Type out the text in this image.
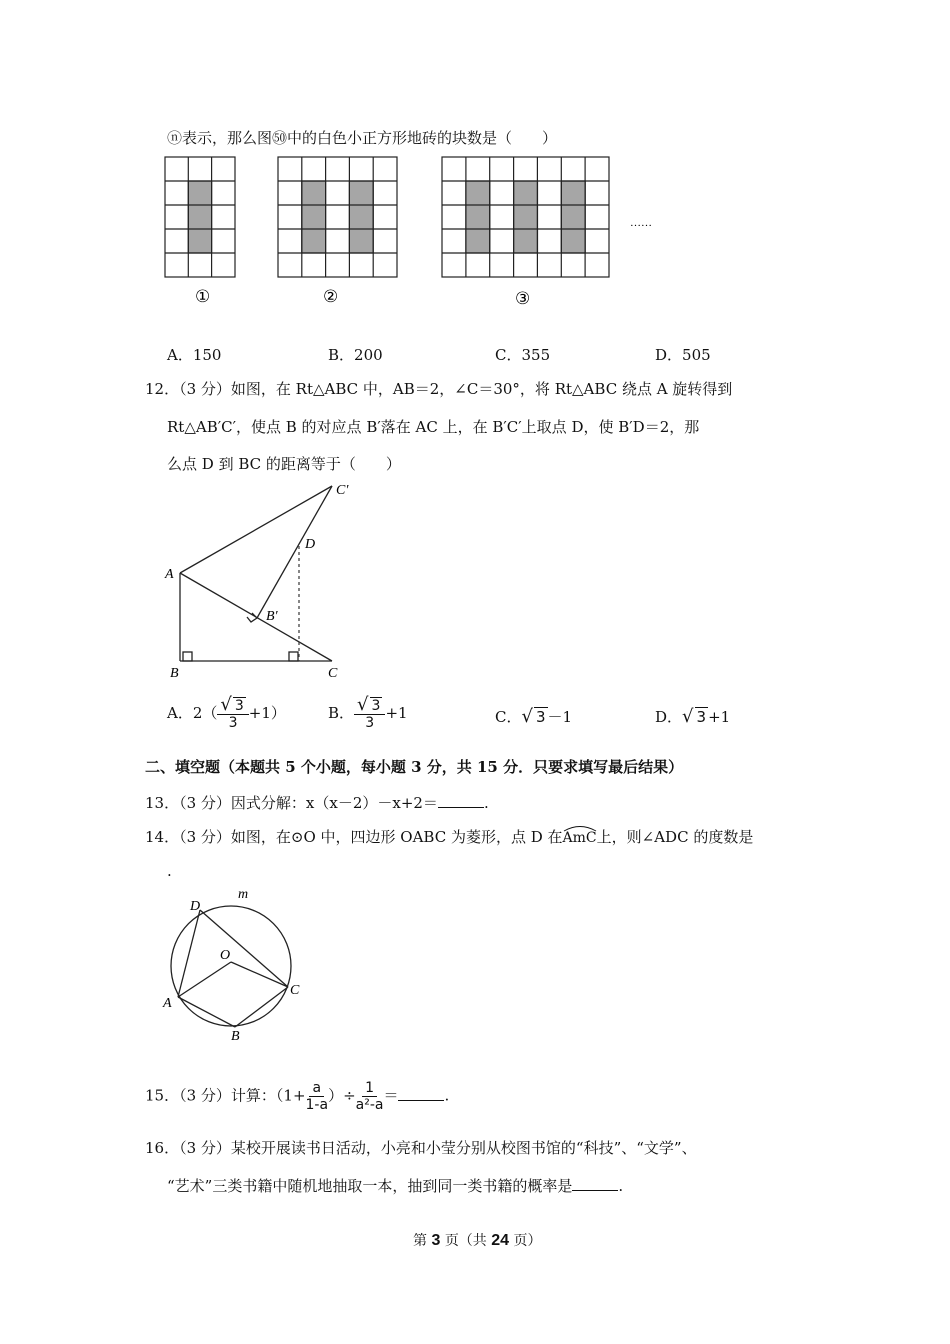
ⓝ表示，那么图㊿中的白色小正方形地砖的块数是（　　）
①	②	③
……
A．150	B．200	C．355	D．505
12．（3 分）如图，在 Rt△ABC 中，AB＝2，∠C＝30°，将 Rt△ABC 绕点 A 旋转得到
Rt△AB′C′，使点 B 的对应点 B′落在 AC 上，在 B′C′上取点 D，使 B′D＝2，那
么点 D 到 BC 的距离等于（　　）
A
B	C
C′
D
B′
A．$2( \frac{√ 3}{3} +1)$	B． $\frac{√ 3}{3} +1$	C．√ 3 －1	D．√ 3 +1
二、填空题（本题共 5 个小题，每小题 3 分，共 15 分．只要求填写最后结果）
13．（3 分）因式分解：x（x－2）－x+2＝	.
14．（3 分）如图，在⊙O 中，四边形 OABC 为菱形，点 D 在
AmC上，则∠ADC 的度数是
.
D
m
O
A
C
B
15．（3 分）计算：（$1+ \frac{a}{1-a}$ ）÷ $\frac{1}{\text{a²-a}}$ ＝	.
16．（3 分）某校开展读书日活动，小亮和小莹分别从校图书馆的“科技”、“文学”、
“艺术”三类书籍中随机地抽取一本，抽到同一类书籍的概率是	.
第 3 页（共 24 页）
